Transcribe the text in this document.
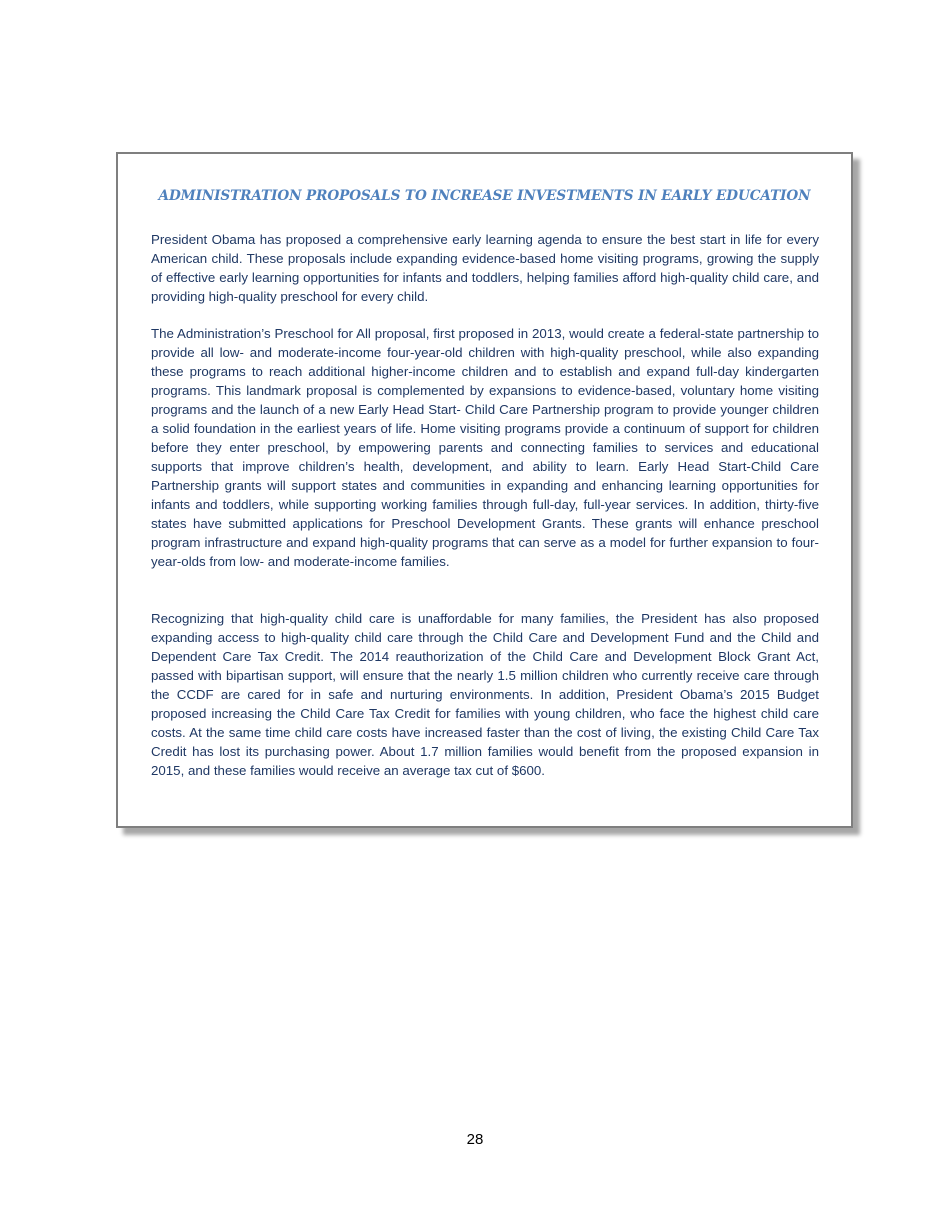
ADMINISTRATION PROPOSALS TO INCREASE INVESTMENTS IN EARLY EDUCATION

President Obama has proposed a comprehensive early learning agenda to ensure the best start in life for every American child. These proposals include expanding evidence-based home visiting programs, growing the supply of effective early learning opportunities for infants and toddlers, helping families afford high-quality child care, and providing high-quality preschool for every child.

The Administration’s Preschool for All proposal, first proposed in 2013, would create a federal-state partnership to provide all low- and moderate-income four-year-old children with high-quality preschool, while also expanding these programs to reach additional higher-income children and to establish and expand full-day kindergarten programs. This landmark proposal is complemented by expansions to evidence-based, voluntary home visiting programs and the launch of a new Early Head Start- Child Care Partnership program to provide younger children a solid foundation in the earliest years of life. Home visiting programs provide a continuum of support for children before they enter preschool, by empowering parents and connecting families to services and educational supports that improve children’s health, development, and ability to learn. Early Head Start-Child Care Partnership grants will support states and communities in expanding and enhancing learning opportunities for infants and toddlers, while supporting working families through full-day, full-year services. In addition, thirty-five states have submitted applications for Preschool Development Grants. These grants will enhance preschool program infrastructure and expand high-quality programs that can serve as a model for further expansion to four-year-olds from low- and moderate-income families.

Recognizing that high-quality child care is unaffordable for many families, the President has also proposed expanding access to high-quality child care through the Child Care and Development Fund and the Child and Dependent Care Tax Credit. The 2014 reauthorization of the Child Care and Development Block Grant Act, passed with bipartisan support, will ensure that the nearly 1.5 million children who currently receive care through the CCDF are cared for in safe and nurturing environments. In addition, President Obama’s 2015 Budget proposed increasing the Child Care Tax Credit for families with young children, who face the highest child care costs. At the same time child care costs have increased faster than the cost of living, the existing Child Care Tax Credit has lost its purchasing power. About 1.7 million families would benefit from the proposed expansion in 2015, and these families would receive an average tax cut of $600.

28
